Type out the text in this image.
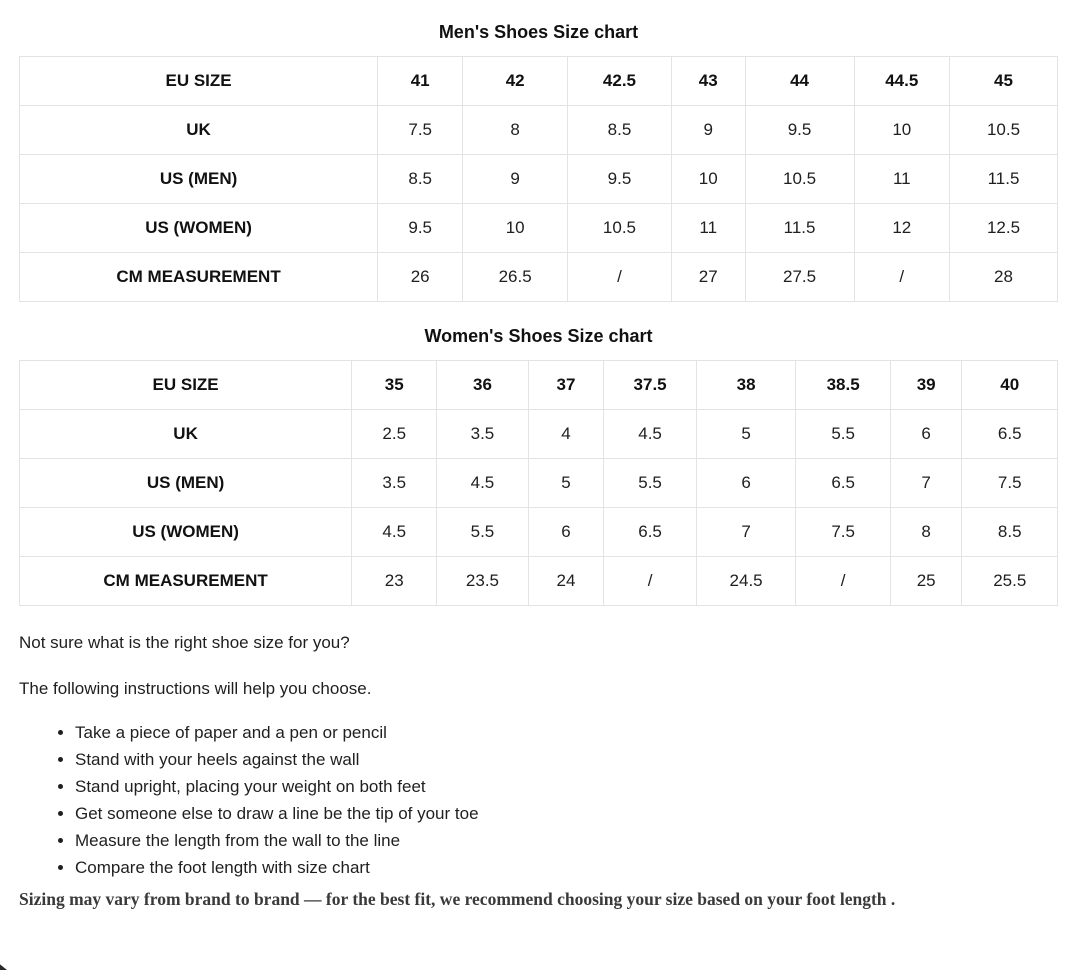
Men's Shoes Size chart
EU SIZE	41	42	42.5	43	44	44.5	45
UK	7.5	8	8.5	9	9.5	10	10.5
US (MEN)	8.5	9	9.5	10	10.5	11	11.5
US (WOMEN)	9.5	10	10.5	11	11.5	12	12.5
CM MEASUREMENT	26	26.5	/	27	27.5	/	28
Women's Shoes Size chart
EU SIZE	35	36	37	37.5	38	38.5	39	40
UK	2.5	3.5	4	4.5	5	5.5	6	6.5
US (MEN)	3.5	4.5	5	5.5	6	6.5	7	7.5
US (WOMEN)	4.5	5.5	6	6.5	7	7.5	8	8.5
CM MEASUREMENT	23	23.5	24	/	24.5	/	25	25.5

Not sure what is the right shoe size for you?

The following instructions will help you choose.

• Take a piece of paper and a pen or pencil
• Stand with your heels against the wall
• Stand upright, placing your weight on both feet
• Get someone else to draw a line be the tip of your toe
• Measure the length from the wall to the line
• Compare the foot length with size chart

Sizing may vary from brand to brand — for the best fit, we recommend choosing your size based on your foot length .
